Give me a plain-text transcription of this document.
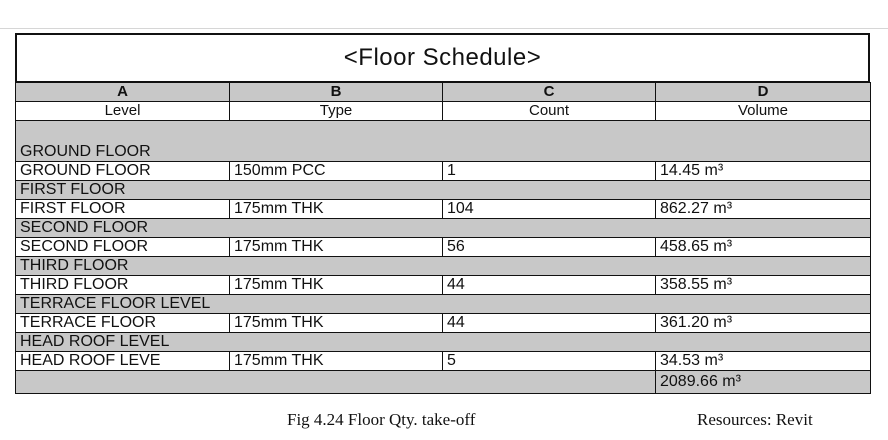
<Floor Schedule>
A	B	C	D
Level	Type	Count	Volume

GROUND FLOOR			
GROUND FLOOR	150mm PCC	1	14.45 m³
FIRST FLOOR			
FIRST FLOOR	175mm THK	104	862.27 m³
SECOND FLOOR			
SECOND FLOOR	175mm THK	56	458.65 m³
THIRD FLOOR			
THIRD FLOOR	175mm THK	44	358.55 m³
TERRACE FLOOR LEVEL			
TERRACE FLOOR	175mm THK	44	361.20 m³
HEAD ROOF LEVEL			
HEAD ROOF LEVE	175mm THK	5	34.53 m³
			2089.66 m³
Fig 4.24 Floor Qty. take-off	Resources: Revit
